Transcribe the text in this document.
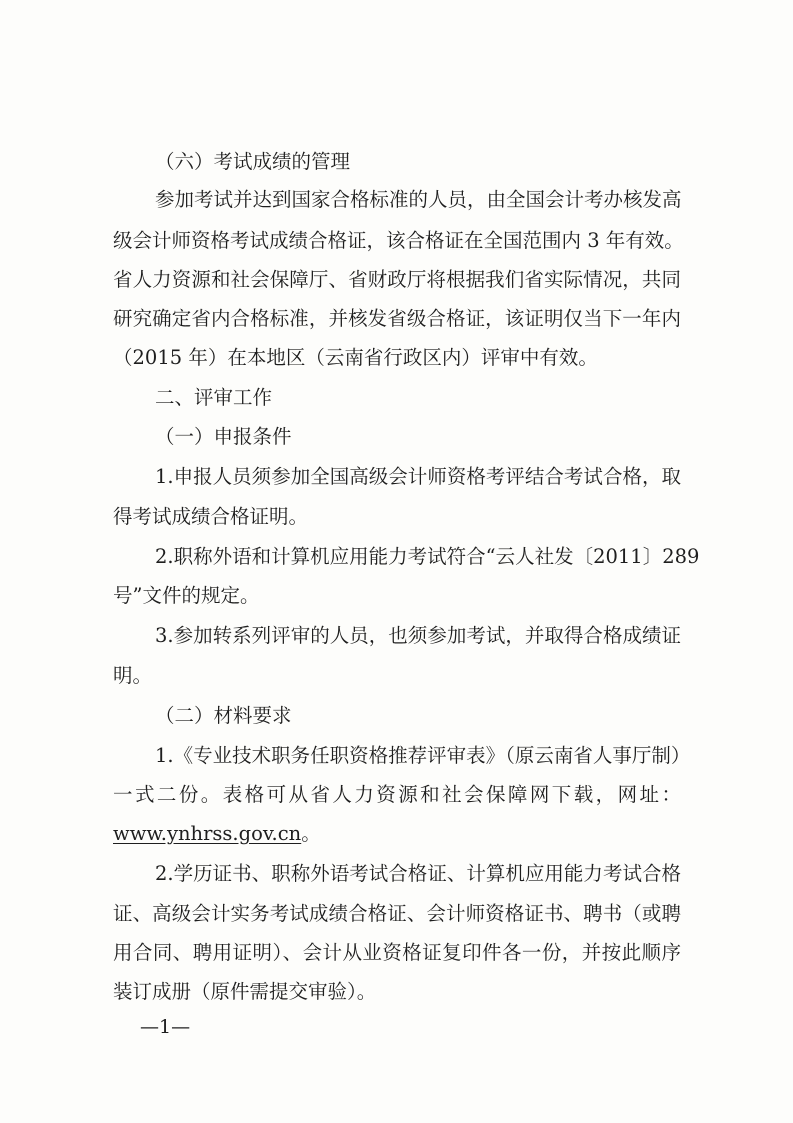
（六）考试成绩的管理

参加考试并达到国家合格标准的人员，由全国会计考办核发高

级会计师资格考试成绩合格证，该合格证在全国范围内 3 年有效。

省人力资源和社会保障厅、省财政厅将根据我们省实际情况，共同

研究确定省内合格标准，并核发省级合格证，该证明仅当下一年内

（2015 年）在本地区（云南省行政区内）评审中有效。

二、评审工作

（一）申报条件

1.申报人员须参加全国高级会计师资格考评结合考试合格，取

得考试成绩合格证明。

2.职称外语和计算机应用能力考试符合“云人社发〔2011〕289

号”文件的规定。

3.参加转系列评审的人员，也须参加考试，并取得合格成绩证

明。

（二）材料要求

1.《专业技术职务任职资格推荐评审表》（原云南省人事厅制）

一式二份。表格可从省人力资源和社会保障网下载，网址：

www.ynhrss.gov.cn。

2.学历证书、职称外语考试合格证、计算机应用能力考试合格

证、高级会计实务考试成绩合格证、会计师资格证书、聘书（或聘

用合同、聘用证明）、会计从业资格证复印件各一份，并按此顺序

装订成册（原件需提交审验）。

—1—
